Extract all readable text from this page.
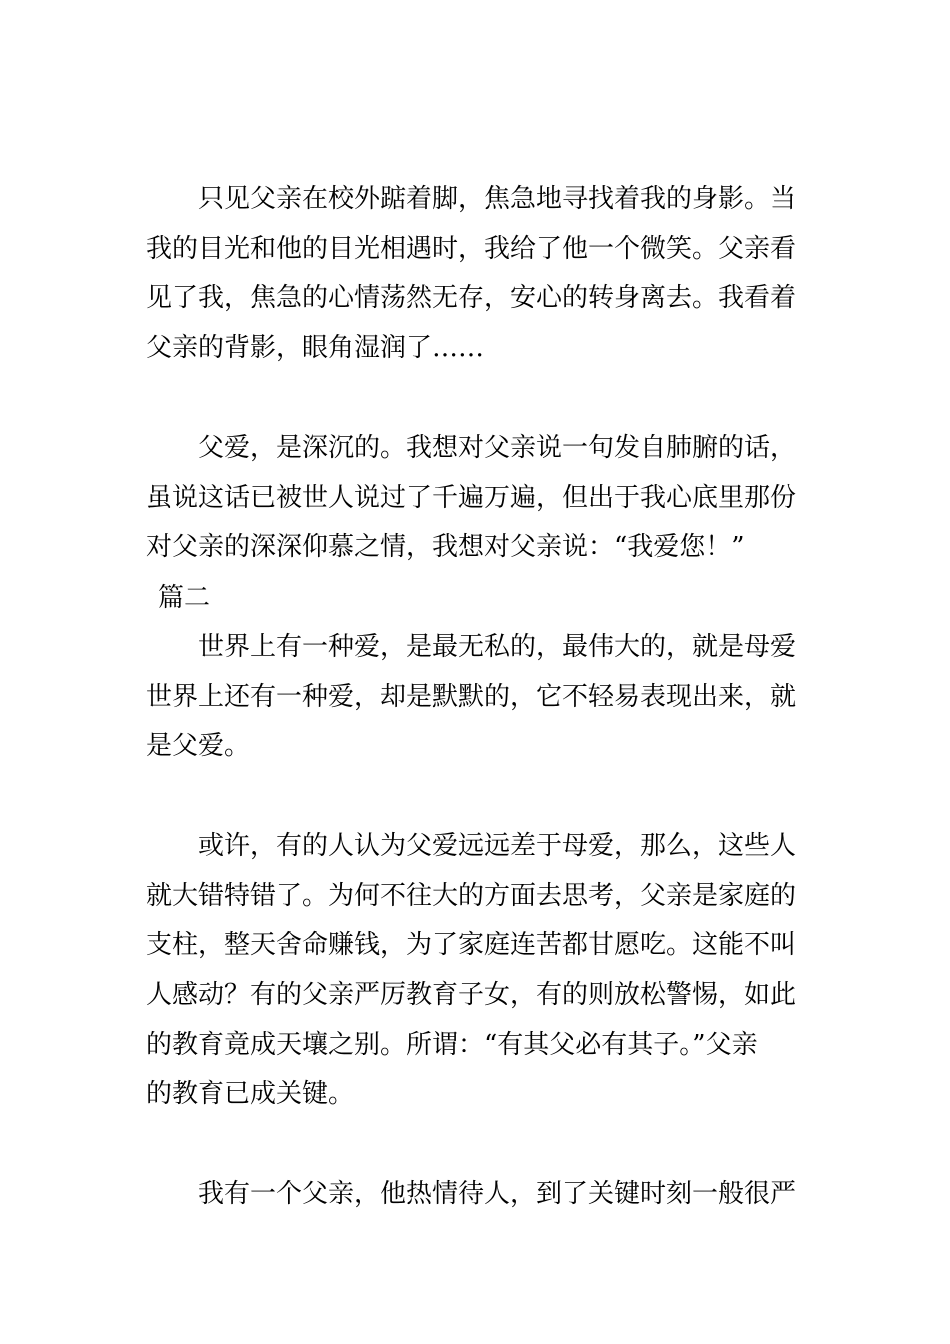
只见父亲在校外踮着脚，焦急地寻找着我的身影。当
我的目光和他的目光相遇时，我给了他一个微笑。父亲看
见了我，焦急的心情荡然无存，安心的转身离去。我看着
父亲的背影，眼角湿润了……
父爱，是深沉的。我想对父亲说一句发自肺腑的话，
虽说这话已被世人说过了千遍万遍，但出于我心底里那份
对父亲的深深仰慕之情，我想对父亲说：“我爱您！”
篇二
世界上有一种爱，是最无私的，最伟大的，就是母爱
世界上还有一种爱，却是默默的，它不轻易表现出来，就
是父爱。
或许，有的人认为父爱远远差于母爱，那么，这些人
就大错特错了。为何不往大的方面去思考，父亲是家庭的
支柱，整天舍命赚钱，为了家庭连苦都甘愿吃。这能不叫
人感动？有的父亲严厉教育子女，有的则放松警惕，如此
的教育竟成天壤之别。所谓：“有其父必有其子。”父亲
的教育已成关键。
我有一个父亲，他热情待人，到了关键时刻一般很严
